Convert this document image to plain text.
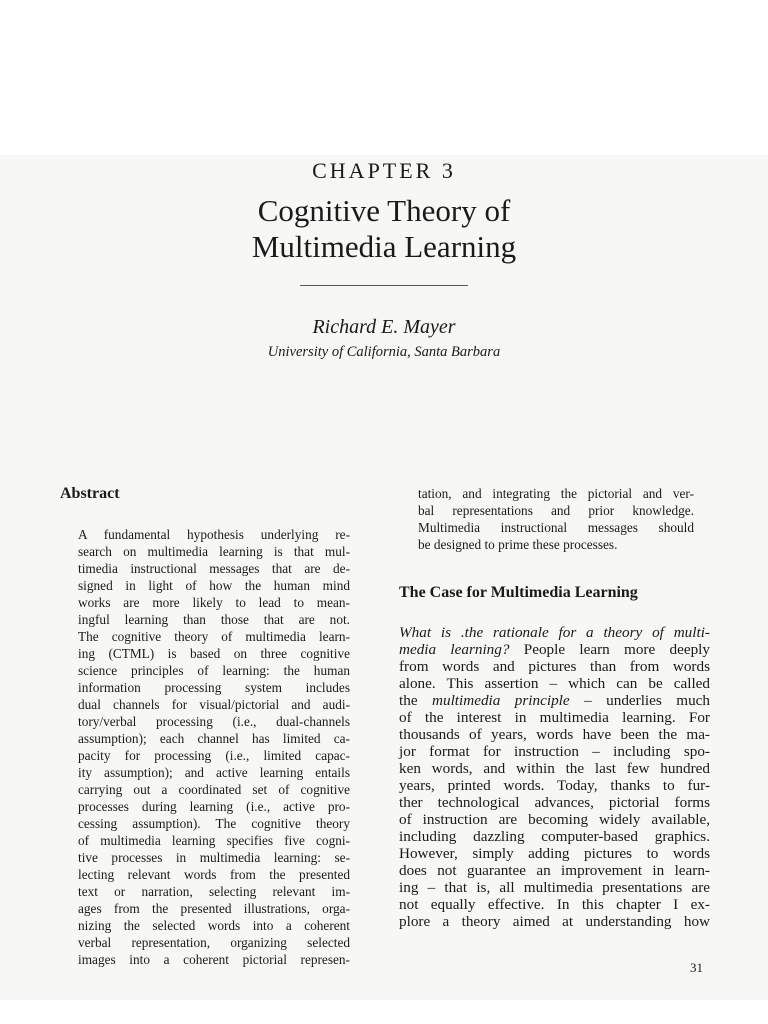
CHAPTER 3
Cognitive Theory of
Multimedia Learning
Richard E. Mayer
University of California, Santa Barbara
Abstract
A fundamental hypothesis underlying re-
search on multimedia learning is that mul-
timedia instructional messages that are de-
signed in light of how the human mind
works are more likely to lead to mean-
ingful learning than those that are not.
The cognitive theory of multimedia learn-
ing (CTML) is based on three cognitive
science principles of learning: the human
information processing system includes
dual channels for visual/pictorial and audi-
tory/verbal processing (i.e., dual-channels
assumption); each channel has limited ca-
pacity for processing (i.e., limited capac-
ity assumption); and active learning entails
carrying out a coordinated set of cognitive
processes during learning (i.e., active pro-
cessing assumption). The cognitive theory
of multimedia learning specifies five cogni-
tive processes in multimedia learning: se-
lecting relevant words from the presented
text or narration, selecting relevant im-
ages from the presented illustrations, orga-
nizing the selected words into a coherent
verbal representation, organizing selected
images into a coherent pictorial represen-
tation, and integrating the pictorial and ver-
bal representations and prior knowledge.
Multimedia instructional messages should
be designed to prime these processes.
The Case for Multimedia Learning
What is .the rationale for a theory of multi-
media learning? People learn more deeply
from words and pictures than from words
alone. This assertion – which can be called
the multimedia principle – underlies much
of the interest in multimedia learning. For
thousands of years, words have been the ma-
jor format for instruction – including spo-
ken words, and within the last few hundred
years, printed words. Today, thanks to fur-
ther technological advances, pictorial forms
of instruction are becoming widely available,
including dazzling computer-based graphics.
However, simply adding pictures to words
does not guarantee an improvement in learn-
ing – that is, all multimedia presentations are
not equally effective. In this chapter I ex-
plore a theory aimed at understanding how
31
